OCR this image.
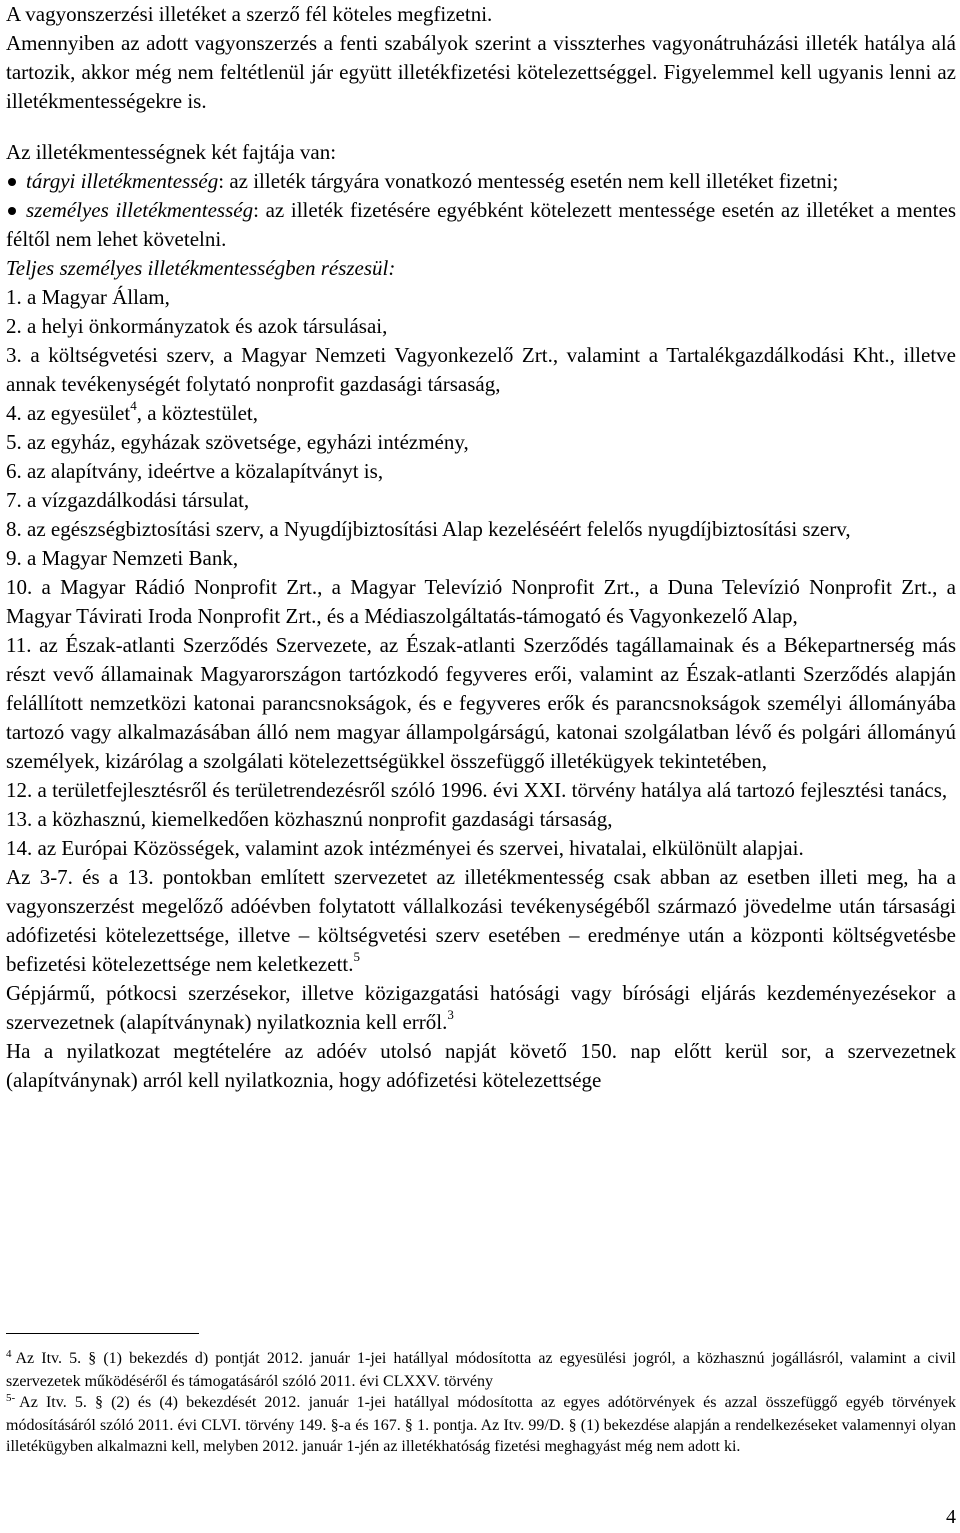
A vagyonszerzési illetéket a szerző fél köteles megfizetni.

Amennyiben az adott vagyonszerzés a fenti szabályok szerint a visszterhes vagyonátruházási illeték hatálya alá tartozik, akkor még nem feltétlenül jár együtt illetékfizetési kötelezettséggel. Figyelemmel kell ugyanis lenni az illetékmentességekre is.

Az illetékmentességnek két fajtája van:

tárgyi illetékmentesség: az illeték tárgyára vonatkozó mentesség esetén nem kell illetéket fizetni;

személyes illetékmentesség: az illeték fizetésére egyébként kötelezett mentessége esetén az illetéket a mentes féltől nem lehet követelni.

Teljes személyes illetékmentességben részesül:

1. a Magyar Állam,

2. a helyi önkormányzatok és azok társulásai,

3. a költségvetési szerv, a Magyar Nemzeti Vagyonkezelő Zrt., valamint a Tartalékgazdálkodási Kht., illetve annak tevékenységét folytató nonprofit gazdasági társaság,

4. az egyesület$^4$, a köztestület,

5. az egyház, egyházak szövetsége, egyházi intézmény,

6. az alapítvány, ideértve a közalapítványt is,

7. a vízgazdálkodási társulat,

8. az egészségbiztosítási szerv, a Nyugdíjbiztosítási Alap kezeléséért felelős nyugdíjbiztosítási szerv,

9. a Magyar Nemzeti Bank,

10. a Magyar Rádió Nonprofit Zrt., a Magyar Televízió Nonprofit Zrt., a Duna Televízió Nonprofit Zrt., a Magyar Távirati Iroda Nonprofit Zrt., és a Médiaszolgáltatás-támogató és Vagyonkezelő Alap,

11. az Észak-atlanti Szerződés Szervezete, az Észak-atlanti Szerződés tagállamainak és a Békepartnerség más részt vevő államainak Magyarországon tartózkodó fegyveres erői, valamint az Észak-atlanti Szerződés alapján felállított nemzetközi katonai parancsnokságok, és e fegyveres erők és parancsnokságok személyi állományába tartozó vagy alkalmazásában álló nem magyar állampolgárságú, katonai szolgálatban lévő és polgári állományú személyek, kizárólag a szolgálati kötelezettségükkel összefüggő illetékügyek tekintetében,

12. a területfejlesztésről és területrendezésről szóló 1996. évi XXI. törvény hatálya alá tartozó fejlesztési tanács,

13. a közhasznú, kiemelkedően közhasznú nonprofit gazdasági társaság,

14. az Európai Közösségek, valamint azok intézményei és szervei, hivatalai, elkülönült alapjai.

Az 3-7. és a 13. pontokban említett szervezetet az illetékmentesség csak abban az esetben illeti meg, ha a vagyonszerzést megelőző adóévben folytatott vállalkozási tevékenységéből származó jövedelme után társasági adófizetési kötelezettsége, illetve – költségvetési szerv esetében – eredménye után a központi költségvetésbe befizetési kötelezettsége nem keletkezett.$^5$

Gépjármű, pótkocsi szerzésekor, illetve közigazgatási hatósági vagy bírósági eljárás kezdeményezésekor a szervezetnek (alapítványnak) nyilatkoznia kell erről.$^3$

Ha a nyilatkozat megtételére az adóév utolsó napját követő 150. nap előtt kerül sor, a szervezetnek (alapítványnak) arról kell nyilatkoznia, hogy adófizetési kötelezettsége

$^4$ Az Itv. 5. § (1) bekezdés d) pontját 2012. január 1-jei hatállyal módosította az egyesülési jogról, a közhasznú jogállásról, valamint a civil szervezetek működéséről és támogatásáról szóló 2011. évi CLXXV. törvény

$^{5-}$ Az Itv. 5. § (2) és (4) bekezdését 2012. január 1-jei hatállyal módosította az egyes adótörvények és azzal összefüggő egyéb törvények módosításáról szóló 2011. évi CLVI. törvény 149. §-a és 167. § 1. pontja. Az Itv. 99/D. § (1) bekezdése alapján a rendelkezéseket valamennyi olyan illetékügyben alkalmazni kell, melyben 2012. január 1-jén az illetékhatóság fizetési meghagyást még nem adott ki.

4
